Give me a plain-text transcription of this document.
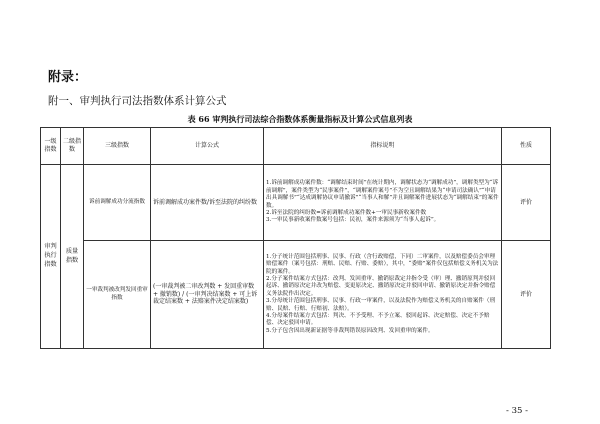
附录：
附一、审判执行司法指数体系计算公式
表 66 审判执行司法综合指数体系衡量指标及计算公式信息列表
一级指数	二级指数	三级指数	计算公式	指标说明	性质
审判执行指数	质量指数	诉前调解成功分流指数	诉前调解成功案件数/诉至法院的纠纷数	1.诉前调解成功案件数：“调解结束时间”在统计期内，调解状态为“调解成功”，调解类型为“诉前调解”，案件类型为“民事案件”，“调解案件案号”不为空且调解结果为“申请司法确认”“申请出具调解书”“达成调解协议申请撤诉”“当事人和解”并且调解案件进展状态为“调解结束”的案件数。
2.诉至法院的纠纷数=诉前调解成功案件数+一审民事新收案件数
3.一审民事新收案件数案号包括：民初，案件来源须为“当事人起诉”。	评价
		一审裁判被改判发回重审指数	(一审裁判被二审改判数 + 发回重审数 + 撤销数) / (一审判决结案数 + 可上诉裁定结案数 + 法赔案件决定结案数)	1.分子统计范围包括刑事、民事、行政（含行政赔偿，下同）二审案件，以及赔偿委员会审理赔偿案件（案号包括：刑赔、民赔、行赔、委赔），其中，“委赔”案件仅包括赔偿义务机关为法院的案件。
2.分子案件结案方式包括：改判、发回重审、撤销原裁定并指令受（审）理、撤销原判并驳回起诉、撤销原决定并改为赔偿、变更原决定、撤销原决定并驳回申请、撤销原决定并指令赔偿义务法院作出决定。
3.分母统计范围包括刑事、民事、行政一审案件，以及法院作为赔偿义务机关的自赔案件（刑赔、民赔、行赔、行赔初、法赔）。
4.分母案件结案方式包括：判决、不予受理、不予立案、驳回起诉、决定赔偿、决定不予赔偿、决定驳回申请。
5.分子包含因出现新证据等非裁判错误原因改判、发回重审的案件。	评价
- 35 -
